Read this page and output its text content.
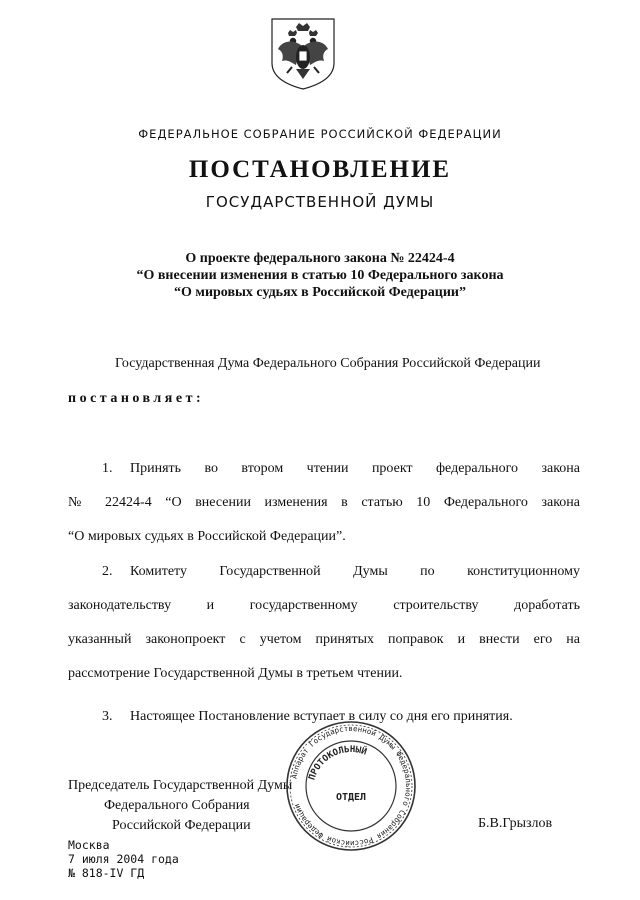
ФЕДЕРАЛЬНОЕ СОБРАНИЕ РОССИЙСКОЙ ФЕДЕРАЦИИ
ПОСТАНОВЛЕНИЕ
ГОСУДАРСТВЕННОЙ ДУМЫ
О проекте федерального закона № 22424-4
“О внесении изменения в статью 10 Федерального закона
“О мировых судьях в Российской Федерации”
Государственная Дума Федерального Собрания Российской Федерации
постановляет:
1. Принять во втором чтении проект федерального закона
№ 22424-4 “О внесении изменения в статью 10 Федерального закона
“О мировых судьях в Российской Федерации”.
2. Комитету Государственной Думы по конституционному
законодательству и государственному строительству доработать
указанный законопроект с учетом принятых поправок и внести его на
рассмотрение Государственной Думы в третьем чтении.
3. Настоящее Постановление вступает в силу со дня его принятия.
Председатель Государственной Думы
Федерального Собрания
Российской Федерации	Б.В.Грызлов
Аппарат Государственной Думы Федерального Собрания Российской Федерации
ПРОТОКОЛЬНЫЙ
ОТДЕЛ
Москва
7 июля 2004 года
№ 818-IV ГД
